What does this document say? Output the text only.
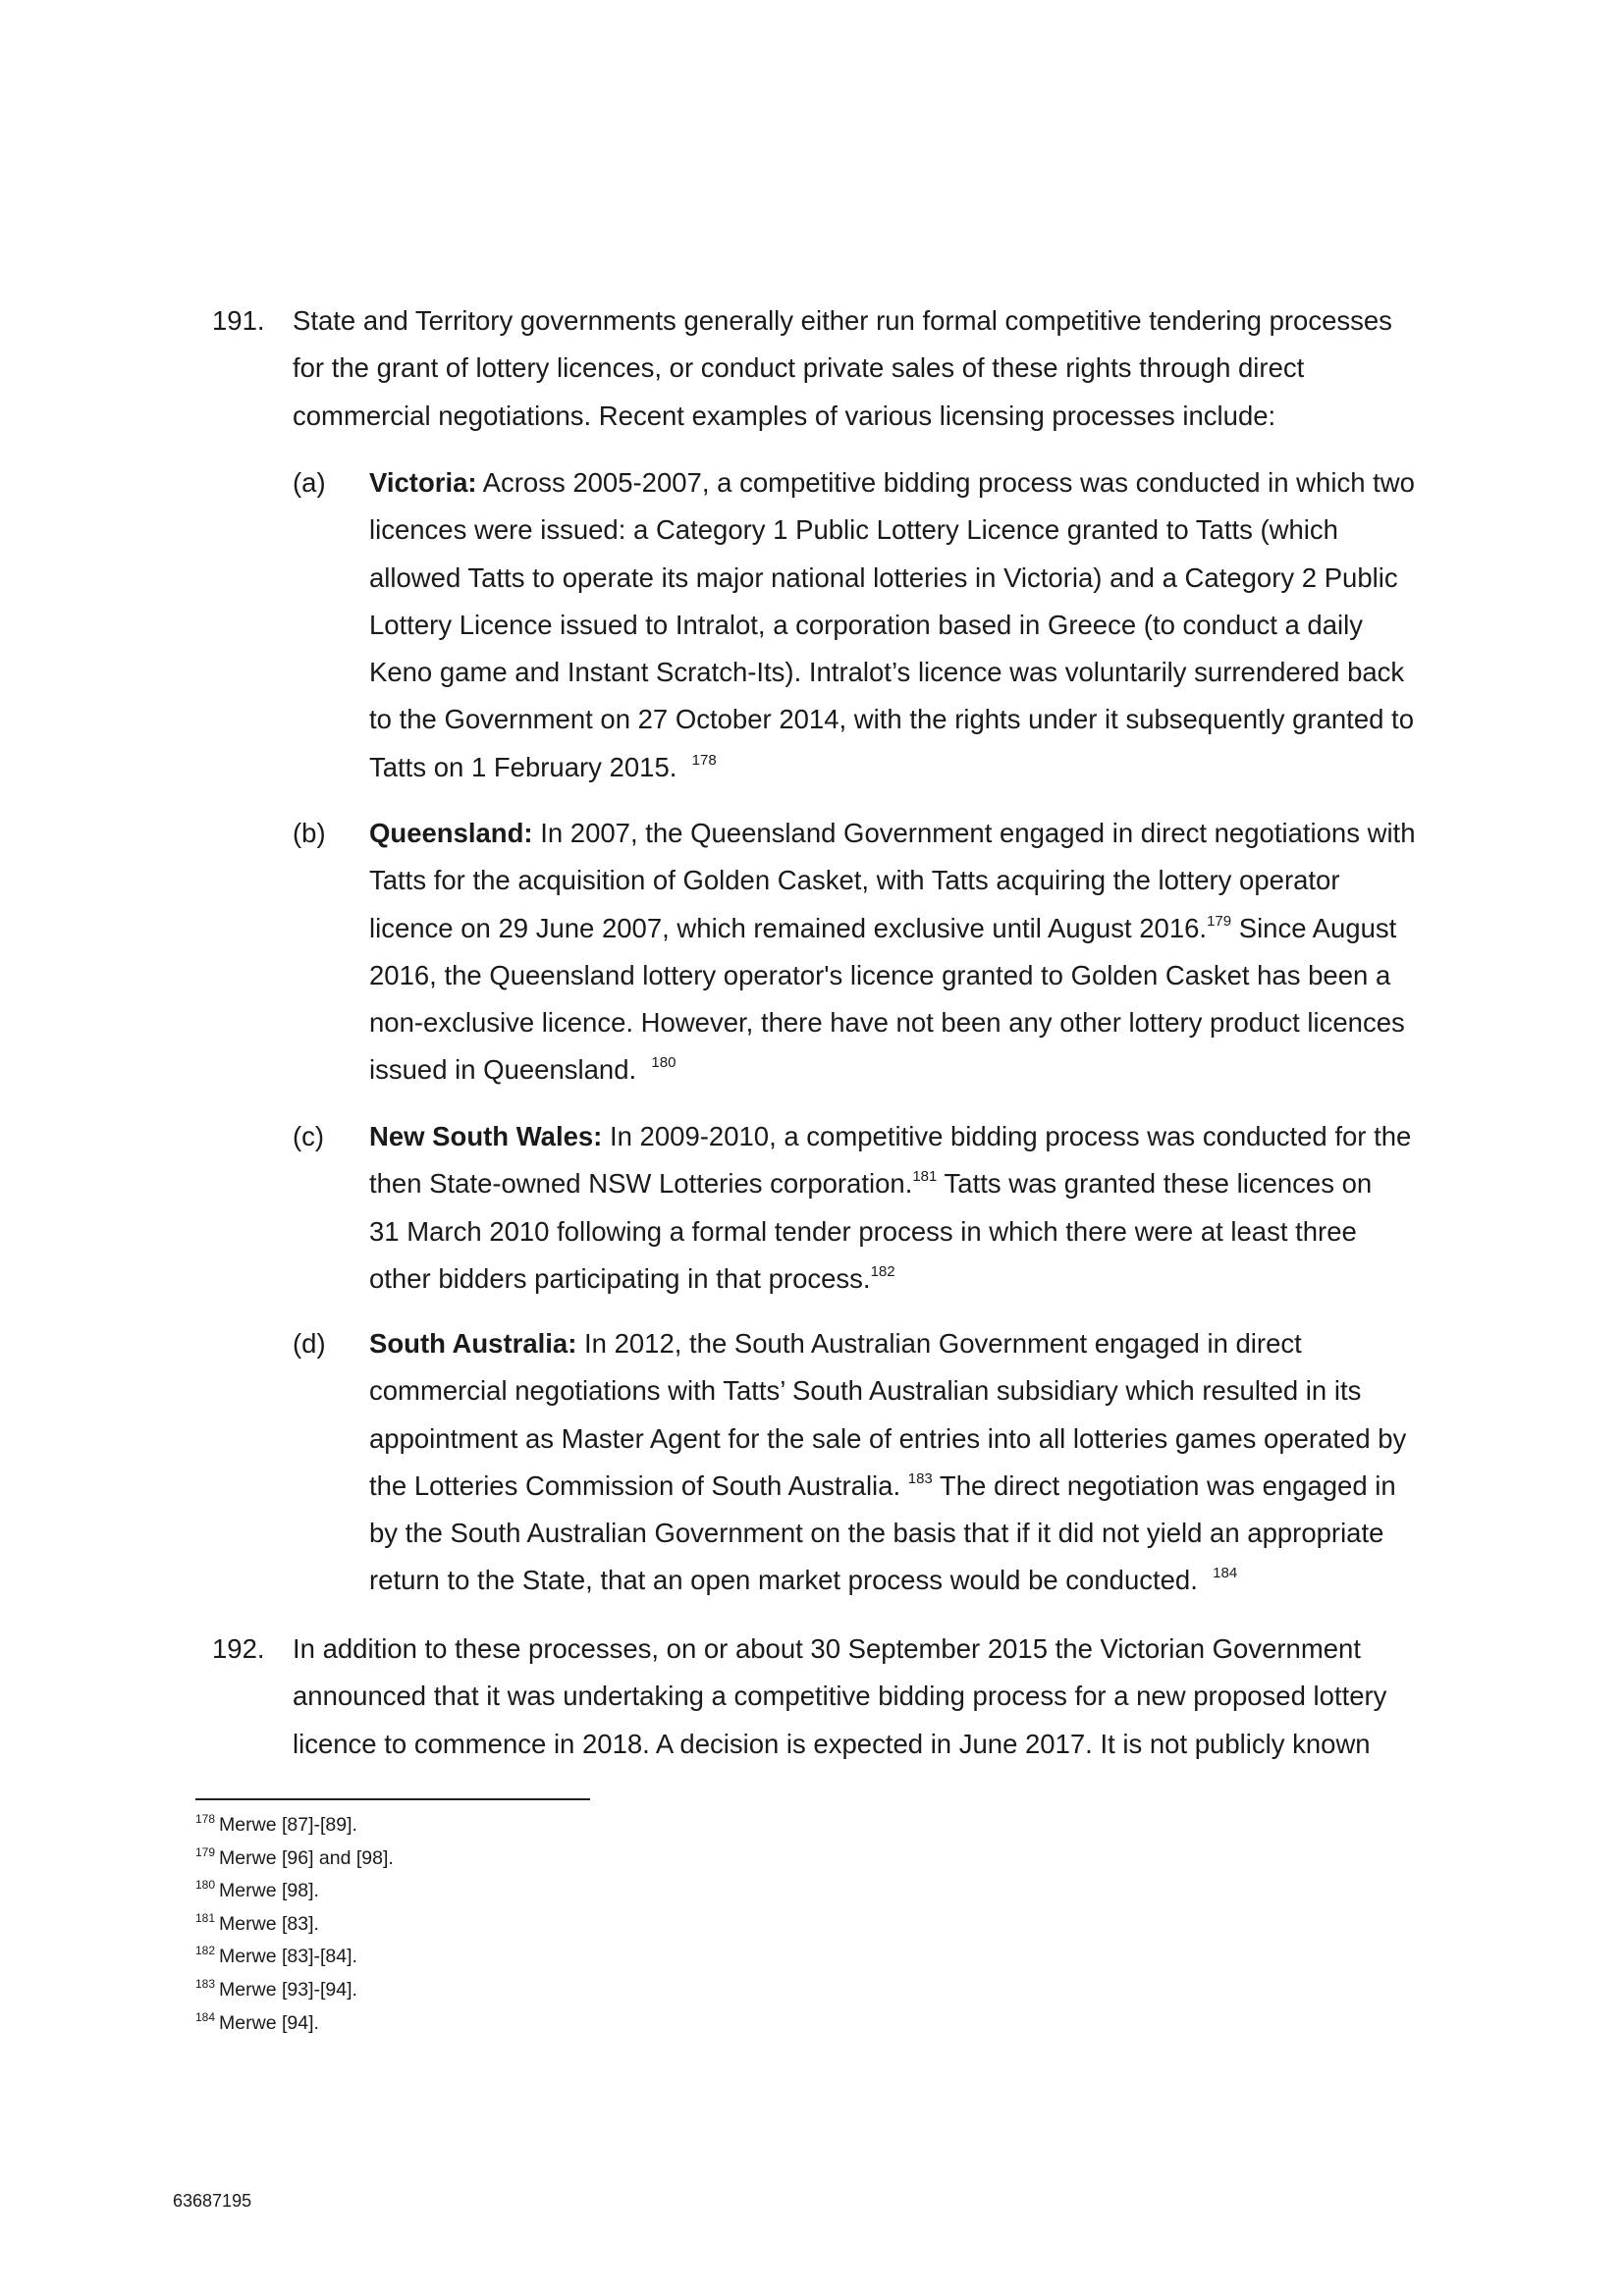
191. State and Territory governments generally either run formal competitive tendering processes
for the grant of lottery licences, or conduct private sales of these rights through direct
commercial negotiations. Recent examples of various licensing processes include:
(a) Victoria: Across 2005-2007, a competitive bidding process was conducted in which two
licences were issued: a Category 1 Public Lottery Licence granted to Tatts (which
allowed Tatts to operate its major national lotteries in Victoria) and a Category 2 Public
Lottery Licence issued to Intralot, a corporation based in Greece (to conduct a daily
Keno game and Instant Scratch-Its). Intralot’s licence was voluntarily surrendered back
to the Government on 27 October 2014, with the rights under it subsequently granted to
Tatts on 1 February 2015. $^{178}$
(b) Queensland: In 2007, the Queensland Government engaged in direct negotiations with
Tatts for the acquisition of Golden Casket, with Tatts acquiring the lottery operator
licence on 29 June 2007, which remained exclusive until August 2016.$^{179}$ Since August
2016, the Queensland lottery operator's licence granted to Golden Casket has been a
non-exclusive licence. However, there have not been any other lottery product licences
issued in Queensland. $^{180}$
(c) New South Wales: In 2009-2010, a competitive bidding process was conducted for the
then State-owned NSW Lotteries corporation.$^{181}$ Tatts was granted these licences on
31 March 2010 following a formal tender process in which there were at least three
other bidders participating in that process.$^{182}$
(d) South Australia: In 2012, the South Australian Government engaged in direct
commercial negotiations with Tatts’ South Australian subsidiary which resulted in its
appointment as Master Agent for the sale of entries into all lotteries games operated by
the Lotteries Commission of South Australia. $^{183}$ The direct negotiation was engaged in
by the South Australian Government on the basis that if it did not yield an appropriate
return to the State, that an open market process would be conducted. $^{184}$
192. In addition to these processes, on or about 30 September 2015 the Victorian Government
announced that it was undertaking a competitive bidding process for a new proposed lottery
licence to commence in 2018. A decision is expected in June 2017. It is not publicly known
$^{178}$ Merwe [87]-[89].
$^{179}$ Merwe [96] and [98].
$^{180}$ Merwe [98].
$^{181}$ Merwe [83].
$^{182}$ Merwe [83]-[84].
$^{183}$ Merwe [93]-[94].
$^{184}$ Merwe [94].
63687195
